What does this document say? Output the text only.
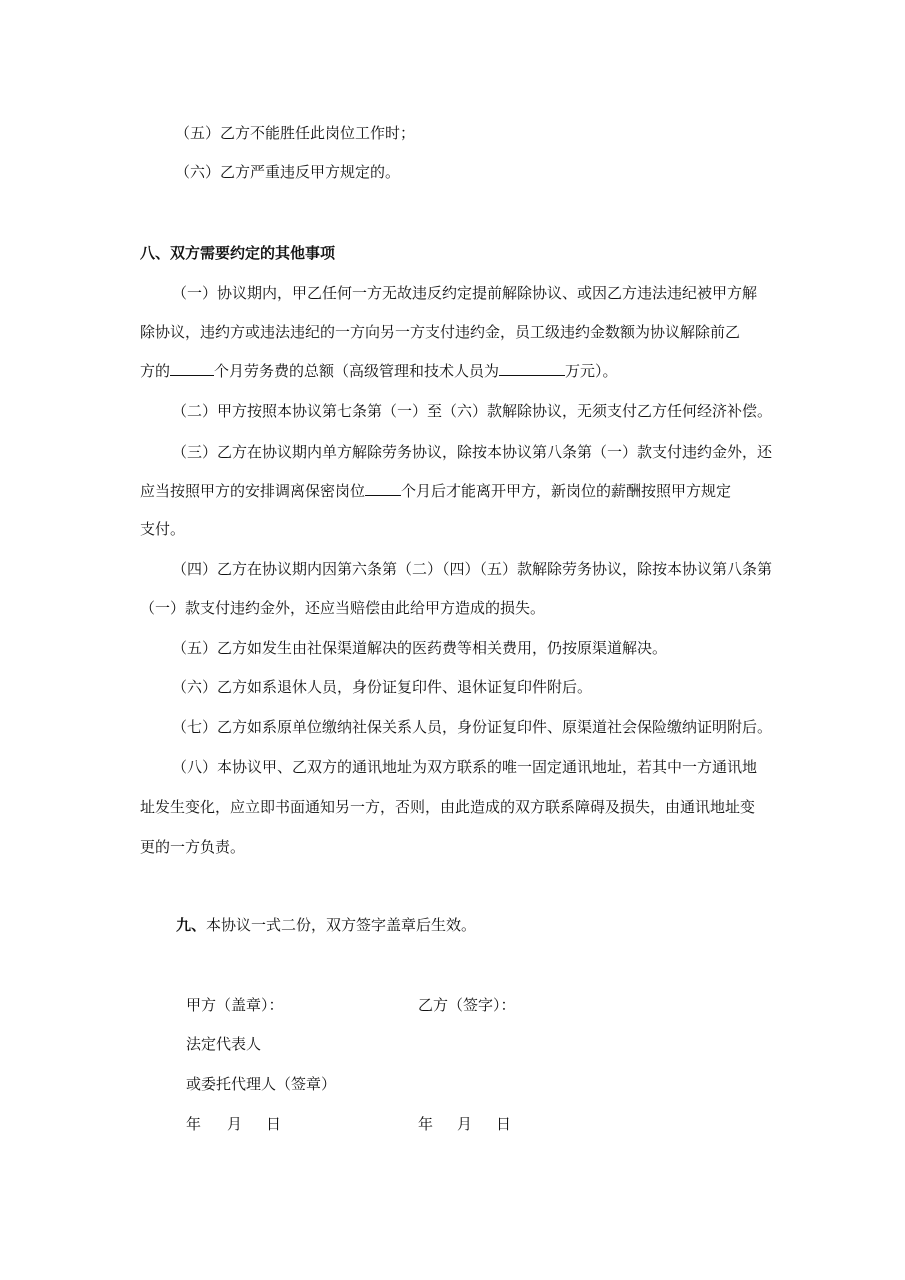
（五）乙方不能胜任此岗位工作时；
（六）乙方严重违反甲方规定的。
八、双方需要约定的其他事项
（一）协议期内，甲乙任何一方无故违反约定提前解除协议、或因乙方违法违纪被甲方解
除协议，违约方或违法违纪的一方向另一方支付违约金，员工级违约金数额为协议解除前乙
方的	个月劳务费的总额（高级管理和技术人员为	万元）。
（二）甲方按照本协议第七条第（一）至（六）款解除协议，无须支付乙方任何经济补偿。
（三）乙方在协议期内单方解除劳务协议，除按本协议第八条第（一）款支付违约金外，还
应当按照甲方的安排调离保密岗位 个月后才能离开甲方，新岗位的薪酬按照甲方规定
支付。
（四）乙方在协议期内因第六条第（二）（四）（五）款解除劳务协议，除按本协议第八条第
（一）款支付违约金外，还应当赔偿由此给甲方造成的损失。
（五）乙方如发生由社保渠道解决的医药费等相关费用，仍按原渠道解决。
（六）乙方如系退休人员，身份证复印件、退休证复印件附后。
（七）乙方如系原单位缴纳社保关系人员，身份证复印件、原渠道社会保险缴纳证明附后。
（八）本协议甲、乙双方的通讯地址为双方联系的唯一固定通讯地址，若其中一方通讯地
址发生变化，应立即书面通知另一方，否则，由此造成的双方联系障碍及损失，由通讯地址变
更的一方负责。
九、本协议一式二份，双方签字盖章后生效。
甲方（盖章）：	乙方（签字）：
法定代表人
或委托代理人（签章）
年 月 日	年 月 日
